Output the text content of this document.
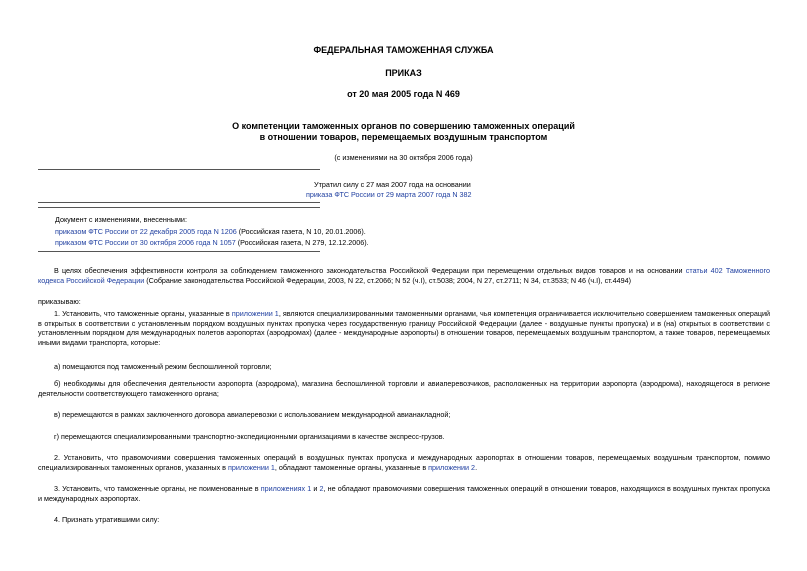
ФЕДЕРАЛЬНАЯ ТАМОЖЕННАЯ СЛУЖБА
ПРИКАЗ
от 20 мая 2005 года N 469
О компетенции таможенных органов по совершению таможенных операций
в отношении товаров, перемещаемых воздушным транспортом
(с изменениями на 30 октября 2006 года)
Утратил силу с 27 мая 2007 года на основании
приказа ФТС России от 29 марта 2007 года N 382
Документ с изменениями, внесенными:
приказом ФТС России от 22 декабря 2005 года N 1206 (Российская газета, N 10, 20.01.2006).
приказом ФТС России от 30 октября 2006 года N 1057 (Российская газета, N 279, 12.12.2006).
В целях обеспечения эффективности контроля за соблюдением таможенного законодательства Российской Федерации при перемещении отдельных видов товаров и на основании статьи 402 Таможенного кодекса Российской Федерации (Собрание законодательства Российской Федерации, 2003, N 22, ст.2066; N 52 (ч.I), ст.5038; 2004, N 27, ст.2711; N 34, ст.3533; N 46 (ч.I), ст.4494)
приказываю:
1. Установить, что таможенные органы, указанные в приложении 1, являются специализированными таможенными органами, чья компетенция ограничивается исключительно совершением таможенных операций в открытых в соответствии с установленным порядком воздушных пунктах пропуска через государственную границу Российской Федерации (далее - воздушные пункты пропуска) и в (на) открытых в соответствии с установленным порядком для международных полетов аэропортах (аэродромах) (далее - международные аэропорты) в отношении товаров, перемещаемых воздушным транспортом, а также товаров, перемещаемых иными видами транспорта, которые:
а) помещаются под таможенный режим беспошлинной торговли;
б) необходимы для обеспечения деятельности аэропорта (аэродрома), магазина беспошлинной торговли и авиаперевозчиков, расположенных на территории аэропорта (аэродрома), находящегося в регионе деятельности соответствующего таможенного органа;
в) перемещаются в рамках заключенного договора авиаперевозки с использованием международной авианакладной;
г) перемещаются специализированными транспортно-экспедиционными организациями в качестве экспресс-грузов.
2. Установить, что правомочиями совершения таможенных операций в воздушных пунктах пропуска и международных аэропортах в отношении товаров, перемещаемых воздушным транспортом, помимо специализированных таможенных органов, указанных в приложении 1, обладают таможенные органы, указанные в приложении 2.
3. Установить, что таможенные органы, не поименованные в приложениях 1 и 2, не обладают правомочиями совершения таможенных операций в отношении товаров, находящихся в воздушных пунктах пропуска и международных аэропортах.
4. Признать утратившими силу:
